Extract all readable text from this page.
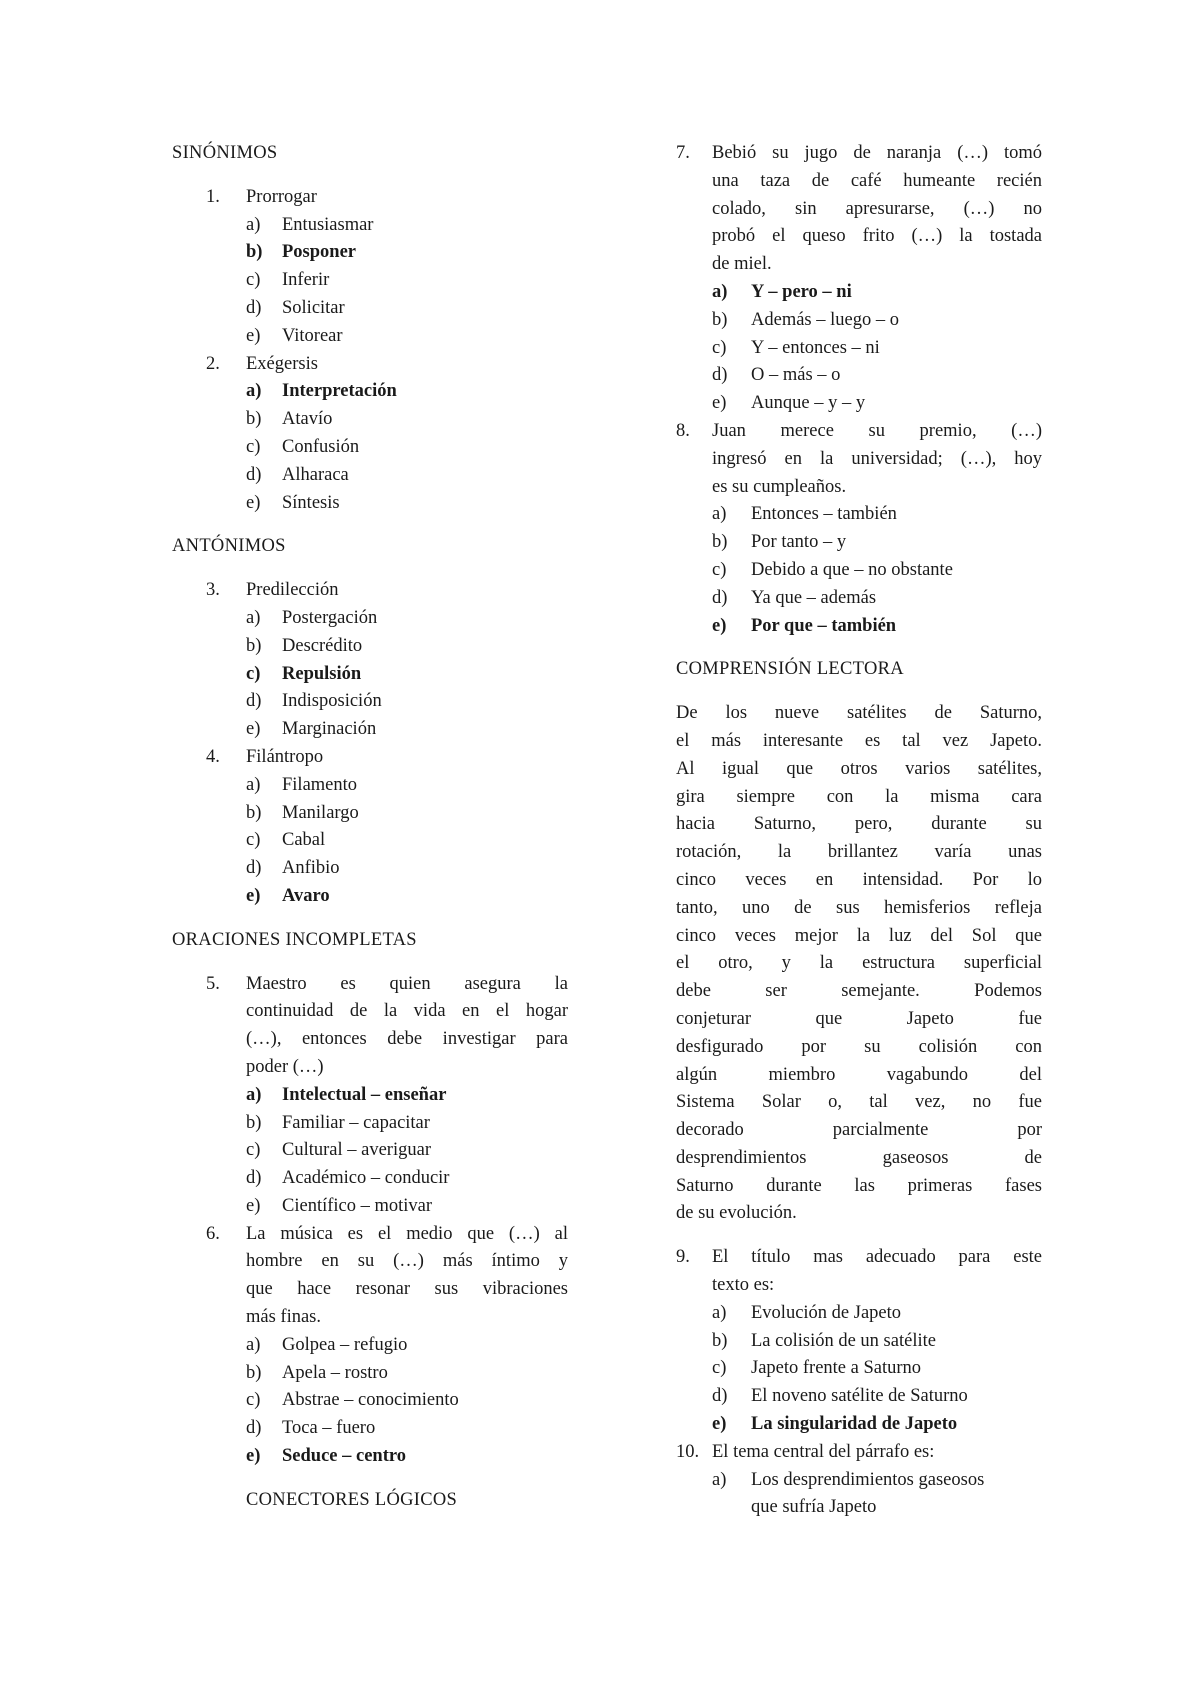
SINÓNIMOS
1.	Prorrogar
a) Entusiasmar
b) Posponer
c) Inferir
d) Solicitar
e) Vitorear
2.	Exégersis
a) Interpretación
b) Atavío
c) Confusión
d) Alharaca
e) Síntesis
ANTÓNIMOS
3.	Predilección
a) Postergación
b) Descrédito
c) Repulsión
d) Indisposición
e) Marginación
4.	Filántropo
a) Filamento
b) Manilargo
c) Cabal
d) Anfibio
e) Avaro
ORACIONES INCOMPLETAS
5.	Maestro es quien asegura la
continuidad de la vida en el hogar
(…), entonces debe investigar para
poder (…)
a) Intelectual – enseñar
b) Familiar – capacitar
c) Cultural – averiguar
d) Académico – conducir
e) Científico – motivar
6.	La música es el medio que (…) al
hombre en su (…) más íntimo y
que hace resonar sus vibraciones
más finas.
a) Golpea – refugio
b) Apela – rostro
c) Abstrae – conocimiento
d) Toca – fuero
e) Seduce – centro
CONECTORES LÓGICOS
7.	Bebió su jugo de naranja (…) tomó
una taza de café humeante recién
colado, sin apresurarse, (…) no
probó el queso frito (…) la tostada
de miel.
a) Y – pero – ni
b) Además – luego – o
c) Y – entonces – ni
d) O – más – o
e) Aunque – y – y
8.	Juan merece su premio, (…)
ingresó en la universidad; (…), hoy
es su cumpleaños.
a) Entonces – también
b) Por tanto – y
c) Debido a que – no obstante
d) Ya que – además
e) Por que – también
COMPRENSIÓN LECTORA
De los nueve satélites de Saturno,
el más interesante es tal vez Japeto.
Al igual que otros varios satélites,
gira siempre con la misma cara
hacia Saturno, pero, durante su
rotación, la brillantez varía unas
cinco veces en intensidad. Por lo
tanto, uno de sus hemisferios refleja
cinco veces mejor la luz del Sol que
el otro, y la estructura superficial
debe ser semejante. Podemos
conjeturar que Japeto fue
desfigurado por su colisión con
algún miembro vagabundo del
Sistema Solar o, tal vez, no fue
decorado parcialmente por
desprendimientos gaseosos de
Saturno durante las primeras fases
de su evolución.
9.	El título mas adecuado para este
texto es:
a) Evolución de Japeto
b) La colisión de un satélite
c) Japeto frente a Saturno
d) El noveno satélite de Saturno
e) La singularidad de Japeto
10. El tema central del párrafo es:
a) Los desprendimientos gaseosos
que sufría Japeto
